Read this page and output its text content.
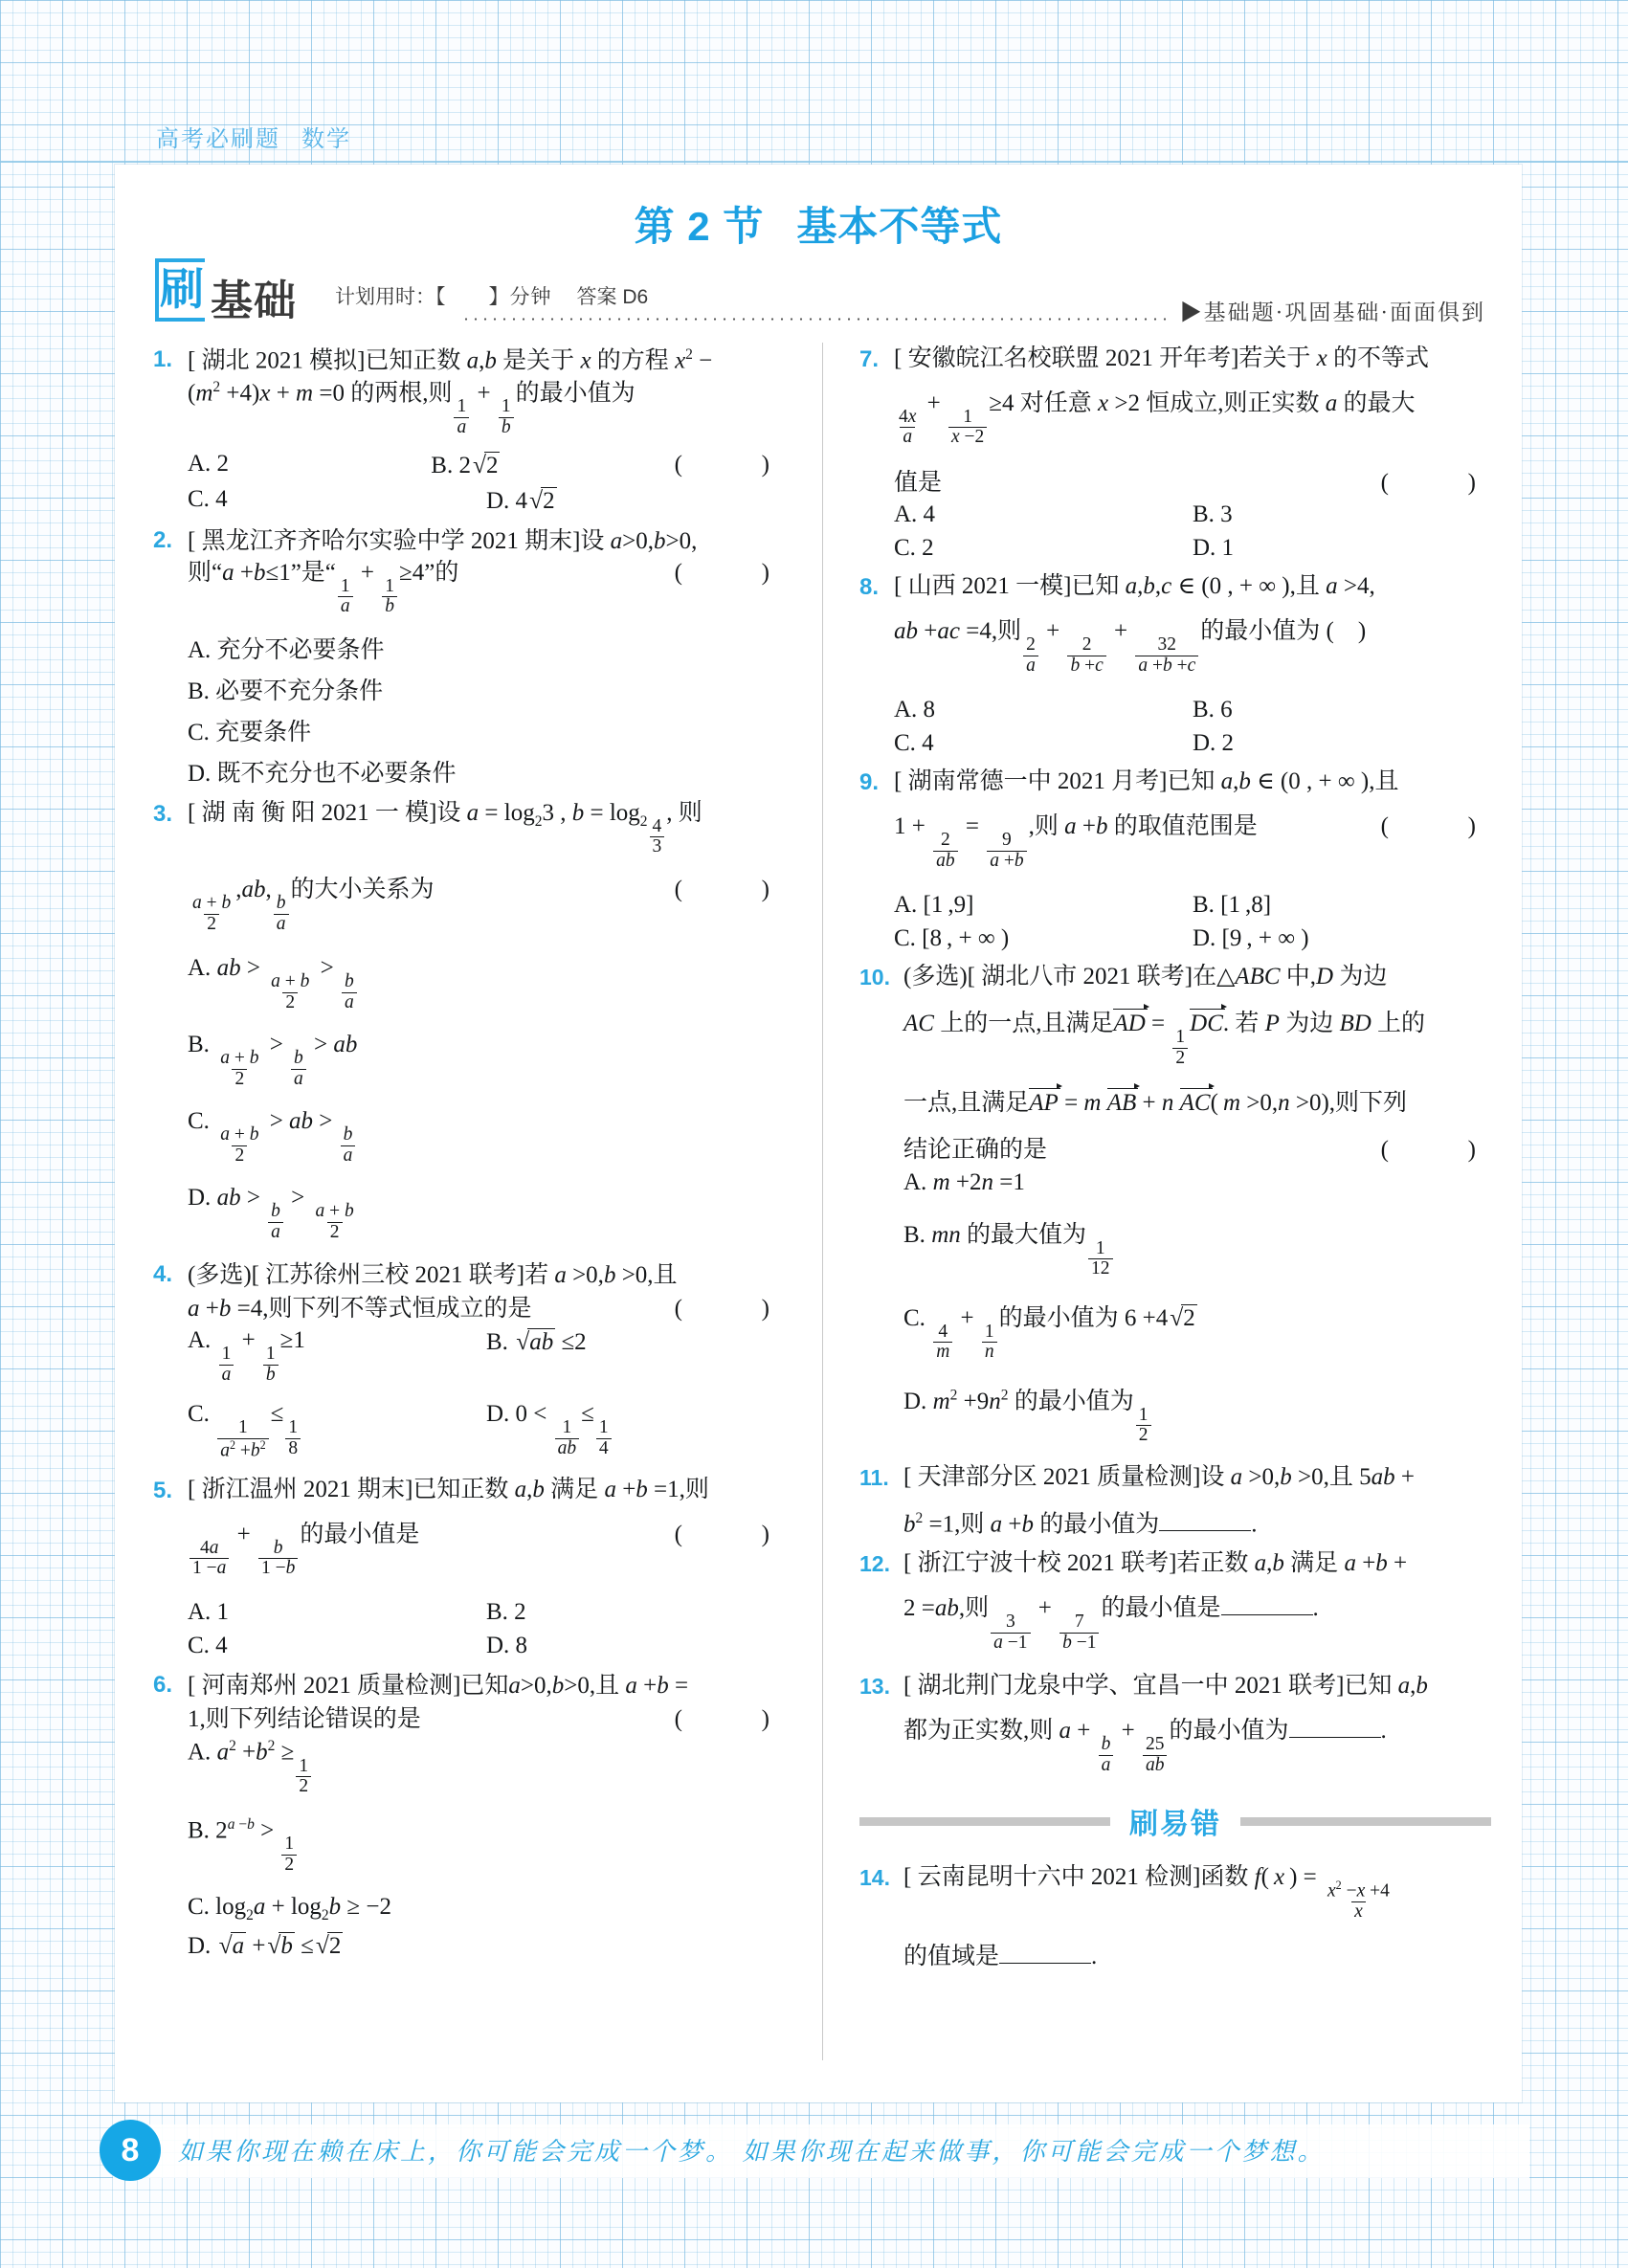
高考必刷题 数学
第 2 节 基本不等式
刷 基础 计划用时：【　　】分钟 答案 D6
▶基础题·巩固基础·面面俱到
1. [ 湖北 2021 模拟]已知正数 a,b 是关于 x 的方程 $x^2$ −
$(m^2 +4)x + m =0$ 的两根,则
$\frac{1}{a}$
+
$\frac{1}{b}$
的最小值为
(   )
A. 2	B. 2√2
C. 4	D. 4√2
2. [ 黑龙江齐齐哈尔实验中学 2021 期末]设 a>0,b>0,
则“a +b≤1”是“
$\frac{1}{a}$
+
$\frac{1}{b}$
≥4”的	(   )
A. 充分不必要条件
B. 必要不充分条件
C. 充要条件
D. 既不充分也不必要条件
3. [ 湖 南 衡 阳 2021 一 模]设 $a = \log_23$ , $b = \log_2 \frac{4}{3}$
, 则
$\frac{a + b}{2}$
,ab,
$\frac{b}{a}$
的大小关系为	(   )
A. ab >
$\frac{a + b}{2}$
>
$\frac{b}{a}$
B.
$\frac{a + b}{2}$
>
$\frac{b}{a}$
> ab
C.
$\frac{a + b}{2}$
> ab >
$\frac{b}{a}$
D. ab >
$\frac{b}{a}$
>
$\frac{a + b}{2}$
4. (多选)[ 江苏徐州三校 2021 联考]若 a >0,b >0,且
a +b =4,则下列不等式恒成立的是	(   )
A.
$\frac{1}{a}$
+
$\frac{1}{b}$
≥1	B. √ab ≤2
C.
$\frac{1}{a^2 +b^2}$
≤
$\frac{1}{8}$
D. 0 <
$\frac{1}{ab}$
≤
$\frac{1}{4}$
5. [ 浙江温州 2021 期末]已知正数 a,b 满足 a +b =1,则
$\frac{4a}{1 -a}$
+
$\frac{b}{1 -b}$
的最小值是	(   )
A. 1	B. 2
C. 4	D. 8
6. [ 河南郑州 2021 质量检测]已知a>0,b>0,且 a +b =
1,则下列结论错误的是	(   )
A. $a^2 +b^2$ ≥
$\frac{1}{2}$
B. $2^{a -b}$ >
$\frac{1}{2}$
C. $\log_2a + \log_2b \ge -2$
D. √a +√b ≤√2
7. [ 安徽皖江名校联盟 2021 开年考]若关于 x 的不等式
$\frac{4x}{a}$
+
$\frac{1}{x -2}$
≥4 对任意 x >2 恒成立,则正实数 a 的最大
值是	(   )
A. 4	B. 3
C. 2	D. 1
8. [ 山西 2021 一模]已知 a,b,c ∈ (0 , + ∞ ),且 a >4,
ab +ac =4,则
$\frac{2}{a}$
+
$\frac{2}{b +c}$
+
$\frac{32}{a +b +c}$
的最小值为 (    )
A. 8	B. 6
C. 4	D. 2
9. [ 湖南常德一中 2021 月考]已知 a,b ∈ (0 , + ∞ ),且
1 +
$\frac{2}{ab}$
=
$\frac{9}{a +b}$
,则 a +b 的取值范围是	(   )
A. [1 ,9]	B. [1 ,8]
C. [8 , + ∞ )	D. [9 , + ∞ )
10. (多选)[ 湖北八市 2021 联考]在△ABC 中,D 为边
AC 上的一点,且满足AD
=
$\frac{1}{2}$
DC
. 若 P 为边 BD 上的
一点,且满足AP
= m AB
+ n AC
( m >0,n >0),则下列
结论正确的是	(   )
A. m +2n =1
B. mn 的最大值为
$\frac{1}{12}$
C.
$\frac{4}{m}$
+
$\frac{1}{n}$
的最小值为 6 +4√2
D. $m^2 +9n^2$ 的最小值为
$\frac{1}{2}$
11. [ 天津部分区 2021 质量检测]设 a >0,b >0,且 5ab +
$b^2 =1$,则 a +b 的最小值为	.
12. [ 浙江宁波十校 2021 联考]若正数 a,b 满足 a +b +
2 =ab,则
$\frac{3}{a -1}$
+
$\frac{7}{b -1}$
的最小值是	.
13. [ 湖北荆门龙泉中学、宜昌一中 2021 联考]已知 a,b
都为正实数,则 a +
$\frac{b}{a}$
+
$\frac{25}{ab}$
的最小值为	.
刷易错
14. [ 云南昆明十六中 2021 检测]函数 f( x ) =
$\frac{x^2 -x +4}{x}$
的值域是	.
8	如果你现在赖在床上，你可能会完成一个梦。 如果你现在起来做事，你可能会完成一个梦想。
